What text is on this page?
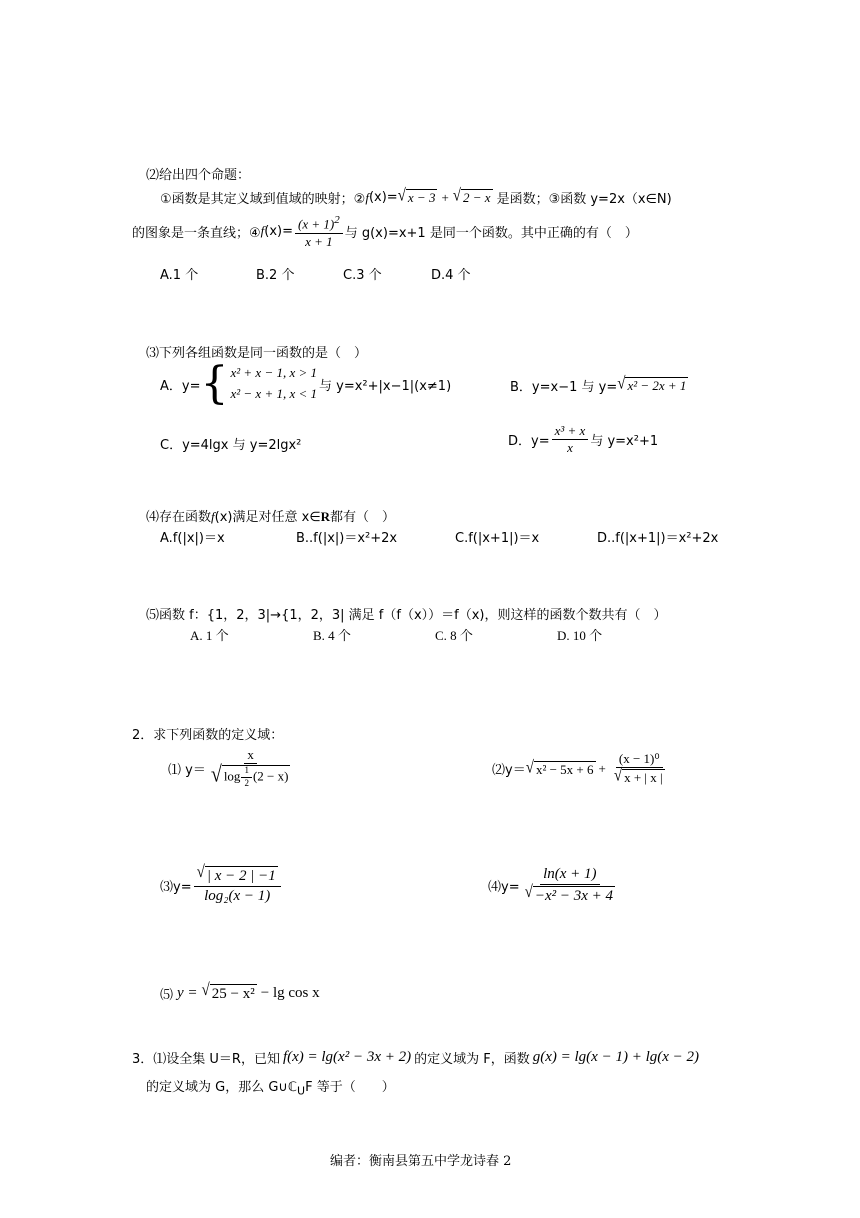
⑵给出四个命题：
①函数是其定义域到值域的映射；② f (x)= √ x − 3 + √ 2 − x 是函数；③函数 y=2x（x∈N)
的图象是一条直线；④ f $(x)= \frac{(x + 1)^2}{x + 1}$ 与 g(x)=x+1 是同一个函数。其中正确的有（　）
A.1 个	B.2 个	C.3 个	D.4 个
⑶下列各组函数是同一函数的是（　）
A．y= { x² + x − 1, x > 1
x² − x + 1, x < 1 与 y=x²+|x−1|(x≠1)	B．y=x−1 与 y= √ x² − 2x + 1
C．y=4lgx 与 y=2lgx²	D．$y= \frac{\text{x³ + x}}{x}$ 与 y=x²+1
⑷存在函数f(x)满足对任意 x∈R都有（　）
A.f(|x|)＝x	B..f(|x|)＝x²+2x	C.f(|x+1|)＝x	D..f(|x+1|)＝x²+2x
⑸函数 f：{1，2，3|→{1，2，3| 满足 f（f（x））＝f（x)，则这样的函数个数共有（　）
A. 1 个	B. 4 个	C. 8 个	D. 10 个
2．求下列函数的定义域：
⑴ $y= \frac{x}{√ \log \frac{1}{2} (2 - x)}$	⑵y＝ √ $x^2 - 5x + 6 + \frac{\text{(x − 1)⁰}}{√ x + | x |}$
⑶y= $\frac{√ | x - 2 | -1}{\text{log₂(x − 1)}}$	⑷y= $\frac{\ln(x + 1)}{\text{√ −x² − 3x + 4}}$
⑸ y = √ 25 − x² − lg cos x
3．⑴设全集 U＝R，已知 f(x) = lg(x² − 3x + 2) 的定义域为 F，函数 g(x) = lg(x − 1) + lg(x − 2)
的定义域为 G，那么 G∪ℂ$_U$F 等于（　　）
编者：衡南县第五中学龙诗春 2
